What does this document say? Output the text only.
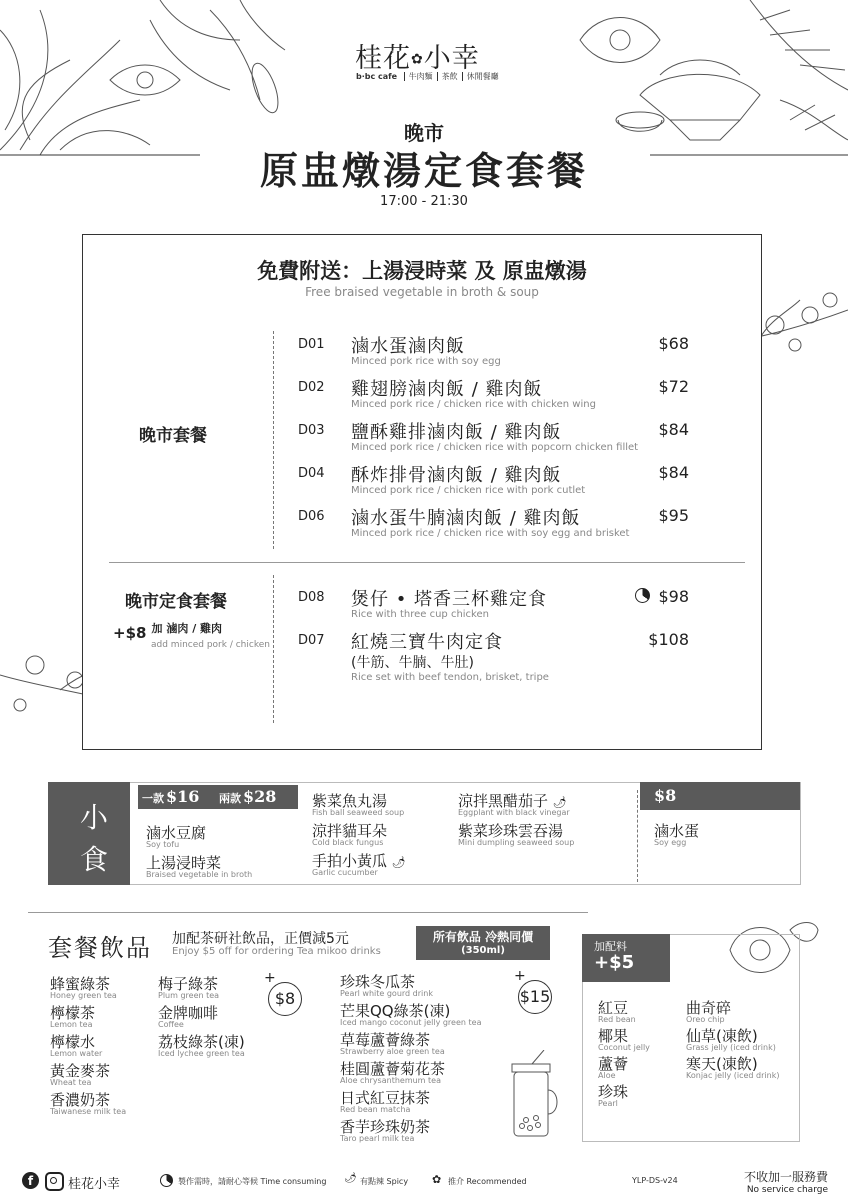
桂花✿小幸
b·bc cafe 牛肉麵 茶飲 休閒餐廳
晚市
原盅燉湯定食套餐
17:00 - 21:30
免費附送：上湯浸時菜 及 原盅燉湯
Free braised vegetable in broth & soup
晚市套餐
D01 滷水蛋滷肉飯
Minced pork rice with soy egg
$68
D02 雞翅膀滷肉飯 / 雞肉飯
Minced pork rice / chicken rice with chicken wing
$72
D03 鹽酥雞排滷肉飯 / 雞肉飯
Minced pork rice / chicken rice with popcorn chicken fillet
$84
D04 酥炸排骨滷肉飯 / 雞肉飯
Minced pork rice / chicken rice with pork cutlet
$84
D06 滷水蛋牛腩滷肉飯 / 雞肉飯
Minced pork rice / chicken rice with soy egg and brisket
$95
晚市定食套餐
+$8 $^{加 滷肉 / 雞肉}$
add minced pork / chicken
D08 煲仔 • 塔香三杯雞定食
Rice with three cup chicken
$98
D07 紅燒三寶牛肉定食
(牛筋、牛腩、牛肚)
Rice set with beef tendon, brisket, tripe
$108
小
食
一款 $16 兩款 $28
滷水豆腐
Soy tofu
上湯浸時菜
Braised vegetable in broth
紫菜魚丸湯
Fish ball seaweed soup
涼拌貓耳朵
Cold black fungus
手拍小黃瓜 🌶
Garlic cucumber
涼拌黑醋茄子 🌶
Eggplant with black vinegar
紫菜珍珠雲吞湯
Mini dumpling seaweed soup
$8
滷水蛋
Soy egg
套餐飲品 加配茶研社飲品，正價減5元
Enjoy $5 off for ordering Tea mikoo drinks
所有飲品 冷熱同價
(350ml)
蜂蜜綠茶
Honey green tea
檸檬茶
Lemon tea
檸檬水
Lemon water
黃金麥茶
Wheat tea
香濃奶茶
Taiwanese milk tea
梅子綠茶
Plum green tea
金牌咖啡
Coffee
荔枝綠茶(凍)
Iced lychee green tea
$8
+	珍珠冬瓜茶
Pearl white gourd drink
芒果QQ綠茶(凍)
Iced mango coconut jelly green tea
草莓蘆薈綠茶
Strawberry aloe green tea
桂圓蘆薈菊花茶
Aloe chrysanthemum tea
日式紅豆抹茶
Red bean matcha
香芋珍珠奶茶
Taro pearl milk tea
$15
+
加配料
+$5
紅豆
Red bean
椰果
Coconut jelly
蘆薈
Aloe
珍珠
Pearl
曲奇碎
Oreo chip
仙草(凍飲)
Grass jelly (iced drink)
寒天(凍飲)
Konjac jelly (iced drink)
f	桂花小幸	製作需時，請耐心等候 Time consuming 🌶 有點辣 Spicy ✿ 推介 Recommended	YLP-DS-v24	不收加一服務費
No service charge
